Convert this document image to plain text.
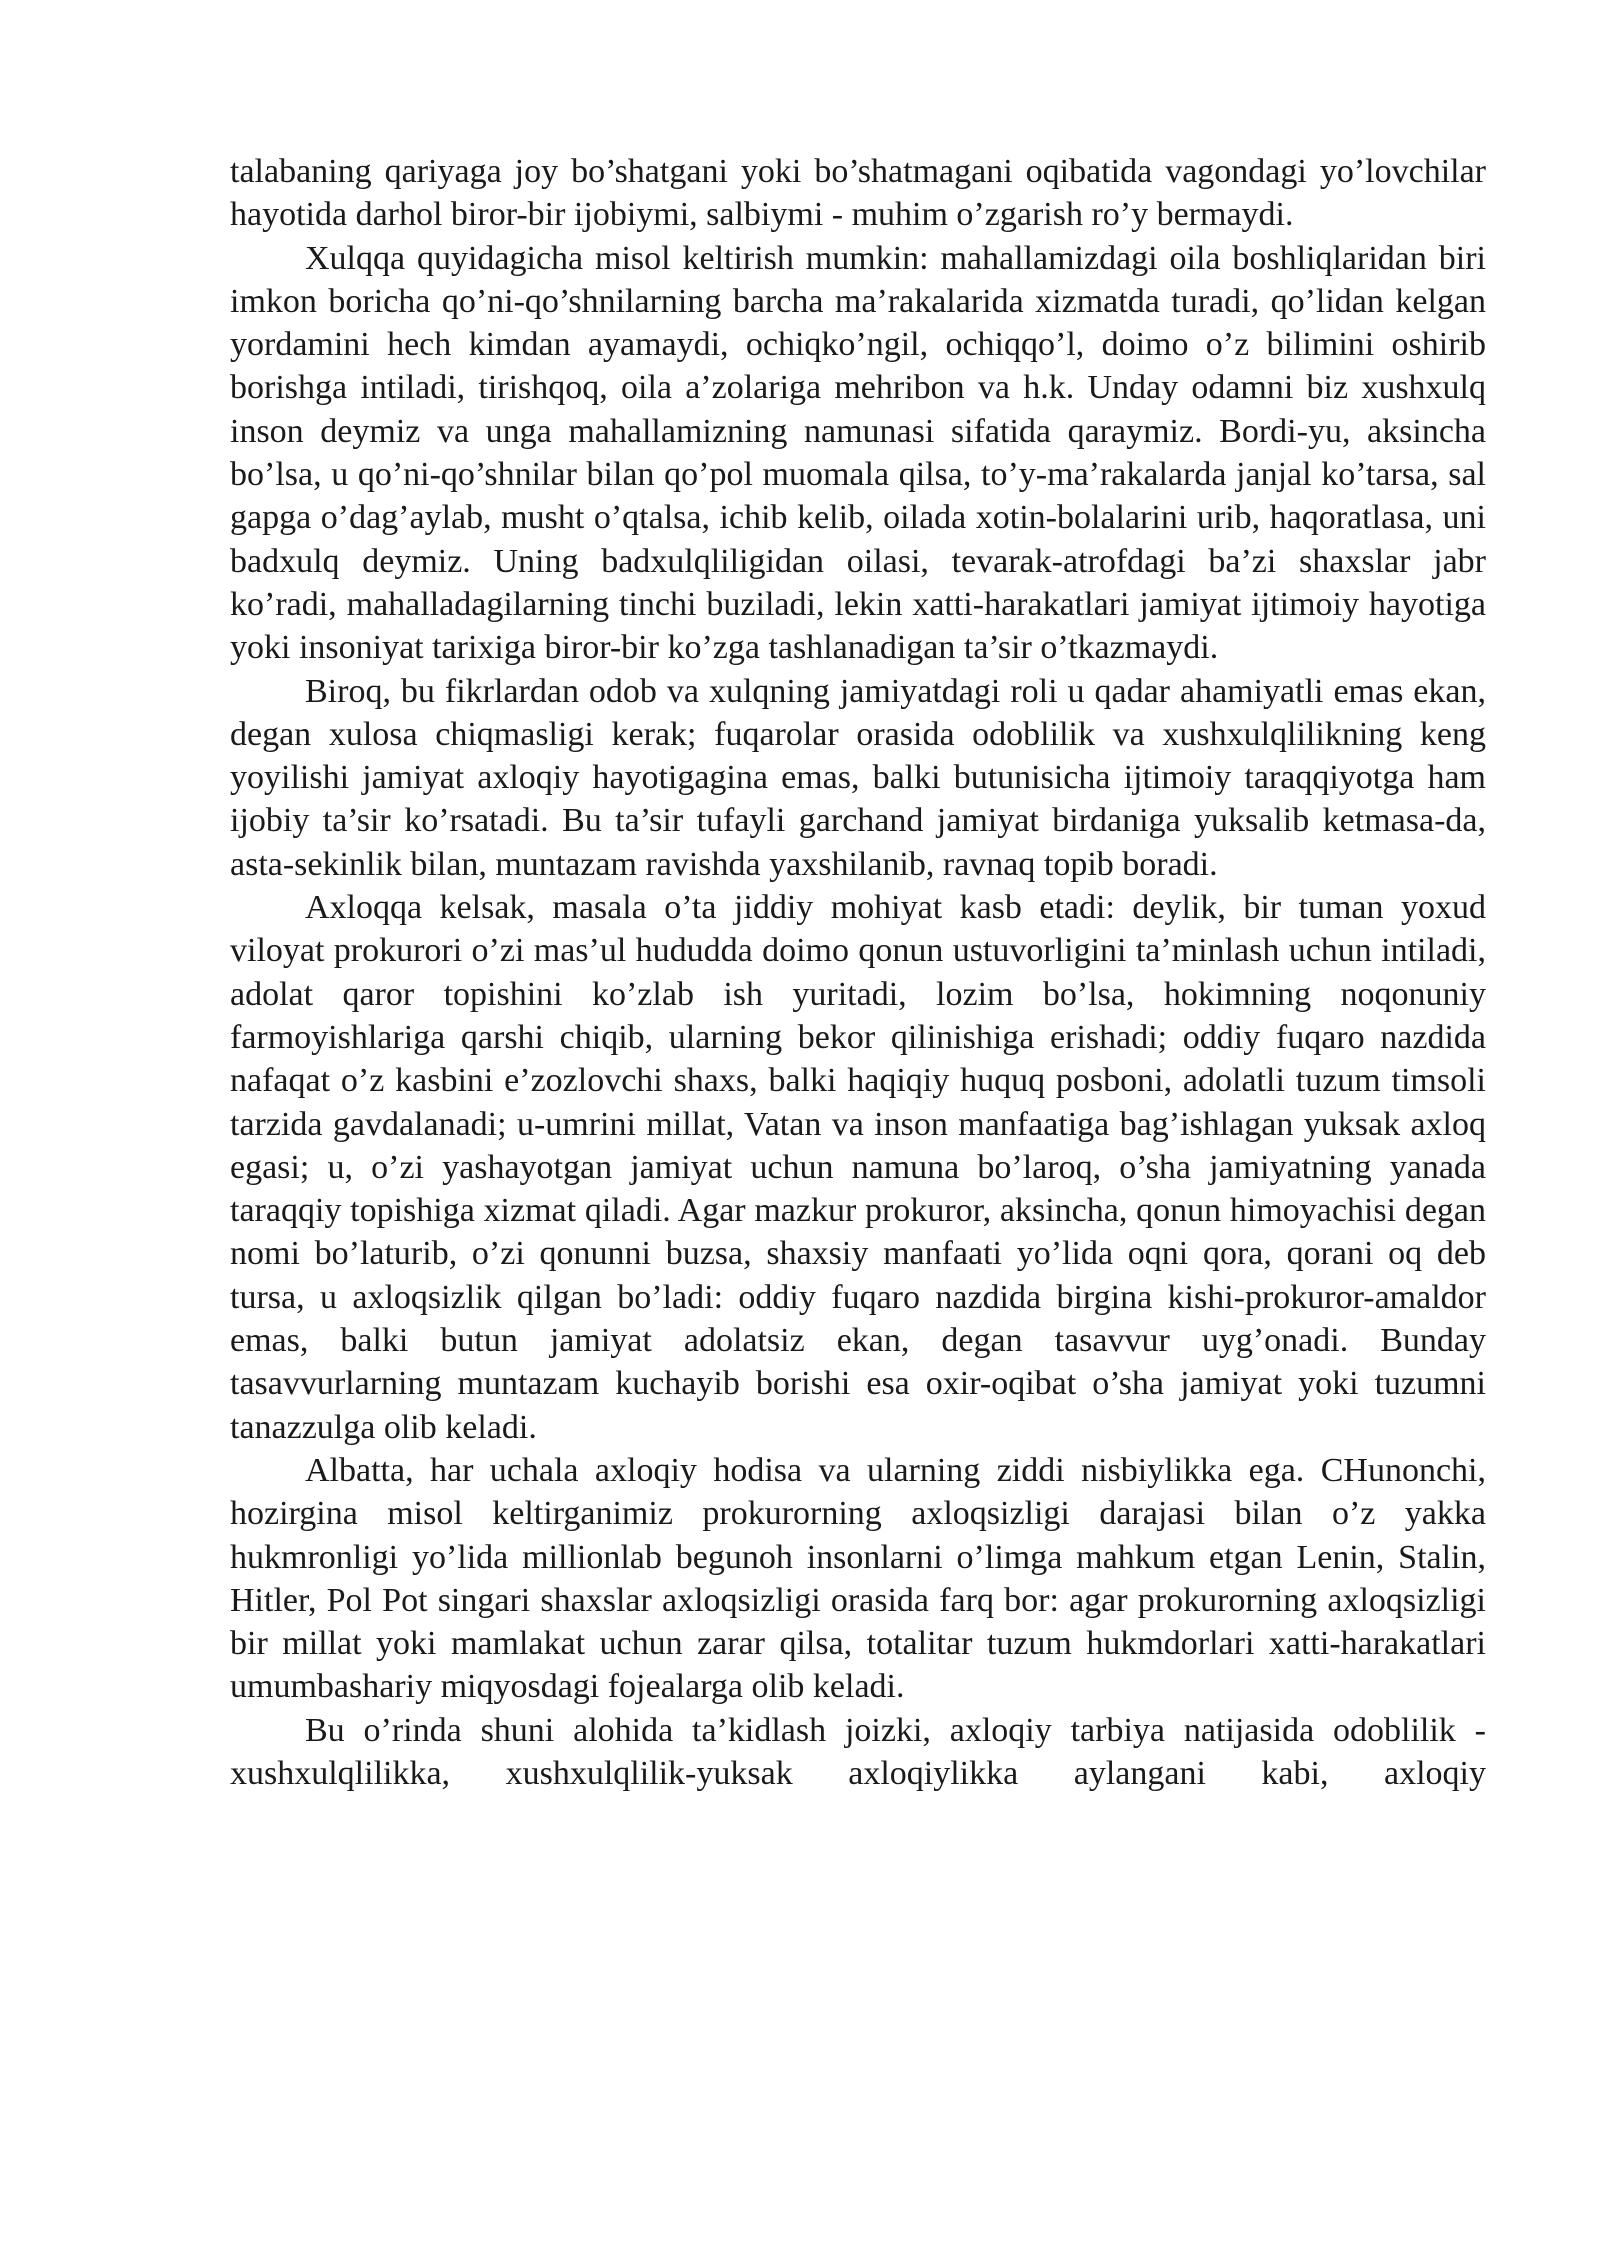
talabaning qariyaga joy bo’shatgani yoki bo’shatmagani oqibatida vagondagi yo’lovchilar hayotida darhol biror-bir ijobiymi, salbiymi - muhim o’zgarish ro’y bermaydi.

Xulqqa quyidagicha misol keltirish mumkin: mahallamizdagi oila boshliqlaridan biri imkon boricha qo’ni-qo’shnilarning barcha ma’rakalarida xizmatda turadi, qo’lidan kelgan yordamini hech kimdan ayamaydi, ochiqko’ngil, ochiqqo’l, doimo o’z bilimini oshirib borishga intiladi, tirishqoq, oila a’zolariga mehribon va h.k. Unday odamni biz xushxulq inson deymiz va unga mahallamizning namunasi sifatida qaraymiz. Bordi-yu, aksincha bo’lsa, u qo’ni-qo’shnilar bilan qo’pol muomala qilsa, to’y-ma’rakalarda janjal ko’tarsa, sal gapga o’dag’aylab, musht o’qtalsa, ichib kelib, oilada xotin-bolalarini urib, haqoratlasa, uni badxulq deymiz. Uning badxulqliligidan oilasi, tevarak-atrofdagi ba’zi shaxslar jabr ko’radi, mahalladagilarning tinchi buziladi, lekin xatti-harakatlari jamiyat ijtimoiy hayotiga yoki insoniyat tarixiga biror-bir ko’zga tashlanadigan ta’sir o’tkazmaydi.

Biroq, bu fikrlardan odob va xulqning jamiyatdagi roli u qadar ahamiyatli emas ekan, degan xulosa chiqmasligi kerak; fuqarolar orasida odoblilik va xushxulqlilikning keng yoyilishi jamiyat axloqiy hayotigagina emas, balki butunisicha ijtimoiy taraqqiyotga ham ijobiy ta’sir ko’rsatadi. Bu ta’sir tufayli garchand jamiyat birdaniga yuksalib ketmasa-da, asta-sekinlik bilan, muntazam ravishda yaxshilanib, ravnaq topib boradi.

Axloqqa kelsak, masala o’ta jiddiy mohiyat kasb etadi: deylik, bir tuman yoxud viloyat prokurori o’zi mas’ul hududda doimo qonun ustuvorligini ta’minlash uchun intiladi, adolat qaror topishini ko’zlab ish yuritadi, lozim bo’lsa, hokimning noqonuniy farmoyishlariga qarshi chiqib, ularning bekor qilinishiga erishadi; oddiy fuqaro nazdida nafaqat o’z kasbini e’zozlovchi shaxs, balki haqiqiy huquq posboni, adolatli tuzum timsoli tarzida gavdalanadi; u-umrini millat, Vatan va inson manfaatiga bag’ishlagan yuksak axloq egasi; u, o’zi yashayotgan jamiyat uchun namuna bo’laroq, o’sha jamiyatning yanada taraqqiy topishiga xizmat qiladi. Agar mazkur prokuror, aksincha, qonun himoyachisi degan nomi bo’laturib, o’zi qonunni buzsa, shaxsiy manfaati yo’lida oqni qora, qorani oq deb tursa, u axloqsizlik qilgan bo’ladi: oddiy fuqaro nazdida birgina kishi-prokuror-amaldor emas, balki butun jamiyat adolatsiz ekan, degan tasavvur uyg’onadi. Bunday tasavvurlarning muntazam kuchayib borishi esa oxir-oqibat o’sha jamiyat yoki tuzumni tanazzulga olib keladi.

Albatta, har uchala axloqiy hodisa va ularning ziddi nisbiylikka ega. CHunonchi, hozirgina misol keltirganimiz prokurorning axloqsizligi darajasi bilan o’z yakka hukmronligi yo’lida millionlab begunoh insonlarni o’limga mahkum etgan Lenin, Stalin, Hitler, Pol Pot singari shaxslar axloqsizligi orasida farq bor: agar prokurorning axloqsizligi bir millat yoki mamlakat uchun zarar qilsa, totalitar tuzum hukmdorlari xatti-harakatlari umumbashariy miqyosdagi fojealarga olib keladi.

Bu o’rinda shuni alohida ta’kidlash joizki, axloqiy tarbiya natijasida odoblilik - xushxulqlilikka, xushxulqlilik-yuksak axloqiylikka aylangani kabi, axloqiy
